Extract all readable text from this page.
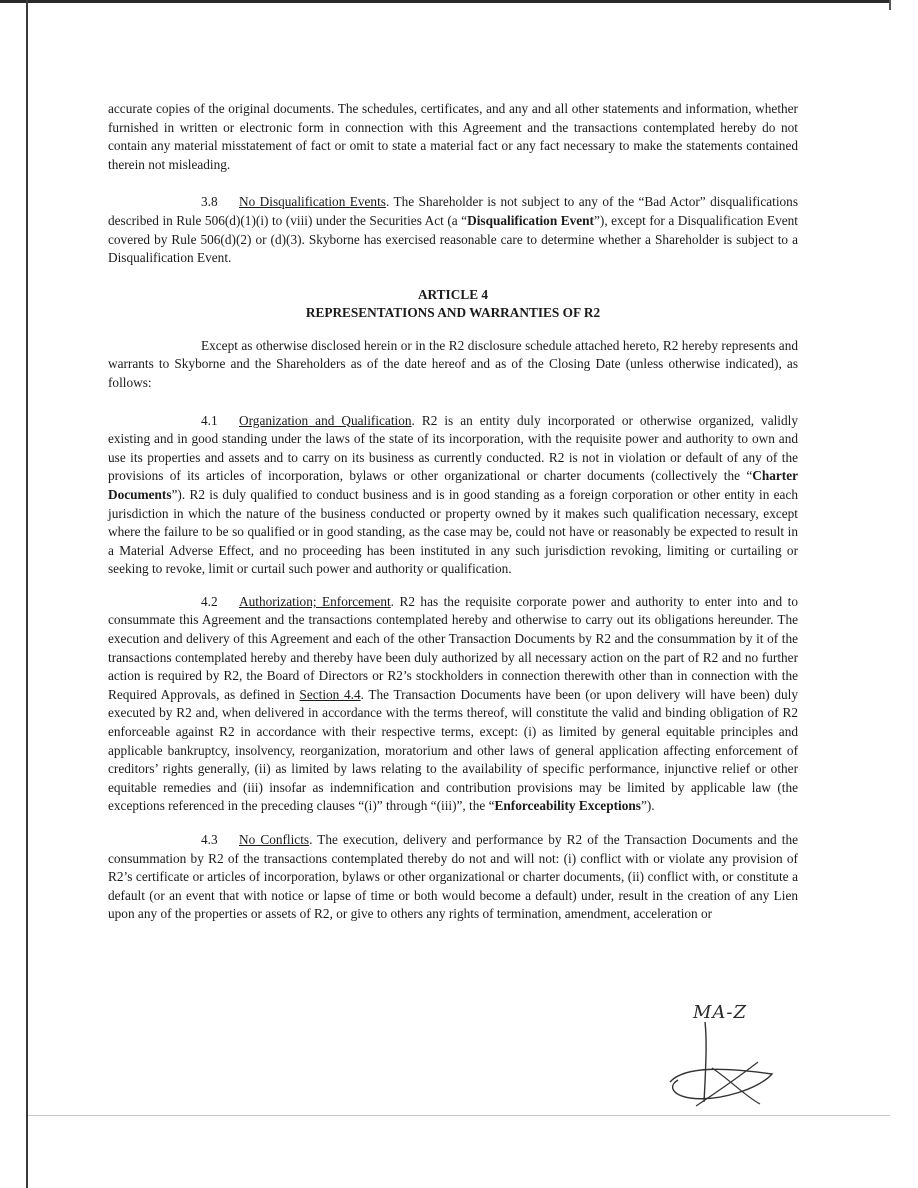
accurate copies of the original documents. The schedules, certificates, and any and all other statements and information, whether furnished in written or electronic form in connection with this Agreement and the transactions contemplated hereby do not contain any material misstatement of fact or omit to state a material fact or any fact necessary to make the statements contained therein not misleading.

3.8 No Disqualification Events. The Shareholder is not subject to any of the “Bad Actor” disqualifications described in Rule 506(d)(1)(i) to (viii) under the Securities Act (a “Disqualification Event”), except for a Disqualification Event covered by Rule 506(d)(2) or (d)(3). Skyborne has exercised reasonable care to determine whether a Shareholder is subject to a Disqualification Event.

ARTICLE 4
REPRESENTATIONS AND WARRANTIES OF R2

Except as otherwise disclosed herein or in the R2 disclosure schedule attached hereto, R2 hereby represents and warrants to Skyborne and the Shareholders as of the date hereof and as of the Closing Date (unless otherwise indicated), as follows:

4.1 Organization and Qualification. R2 is an entity duly incorporated or otherwise organized, validly existing and in good standing under the laws of the state of its incorporation, with the requisite power and authority to own and use its properties and assets and to carry on its business as currently conducted. R2 is not in violation or default of any of the provisions of its articles of incorporation, bylaws or other organizational or charter documents (collectively the “Charter Documents”). R2 is duly qualified to conduct business and is in good standing as a foreign corporation or other entity in each jurisdiction in which the nature of the business conducted or property owned by it makes such qualification necessary, except where the failure to be so qualified or in good standing, as the case may be, could not have or reasonably be expected to result in a Material Adverse Effect, and no proceeding has been instituted in any such jurisdiction revoking, limiting or curtailing or seeking to revoke, limit or curtail such power and authority or qualification.

4.2 Authorization; Enforcement. R2 has the requisite corporate power and authority to enter into and to consummate this Agreement and the transactions contemplated hereby and otherwise to carry out its obligations hereunder. The execution and delivery of this Agreement and each of the other Transaction Documents by R2 and the consummation by it of the transactions contemplated hereby and thereby have been duly authorized by all necessary action on the part of R2 and no further action is required by R2, the Board of Directors or R2’s stockholders in connection therewith other than in connection with the Required Approvals, as defined in Section 4.4. The Transaction Documents have been (or upon delivery will have been) duly executed by R2 and, when delivered in accordance with the terms thereof, will constitute the valid and binding obligation of R2 enforceable against R2 in accordance with their respective terms, except: (i) as limited by general equitable principles and applicable bankruptcy, insolvency, reorganization, moratorium and other laws of general application affecting enforcement of creditors’ rights generally, (ii) as limited by laws relating to the availability of specific performance, injunctive relief or other equitable remedies and (iii) insofar as indemnification and contribution provisions may be limited by applicable law (the exceptions referenced in the preceding clauses “(i)” through “(iii)”, the “Enforceability Exceptions”).

4.3 No Conflicts. The execution, delivery and performance by R2 of the Transaction Documents and the consummation by R2 of the transactions contemplated thereby do not and will not: (i) conflict with or violate any provision of R2’s certificate or articles of incorporation, bylaws or other organizational or charter documents, (ii) conflict with, or constitute a default (or an event that with notice or lapse of time or both would become a default) under, result in the creation of any Lien upon any of the properties or assets of R2, or give to others any rights of termination, amendment, acceleration or

MA-Z
